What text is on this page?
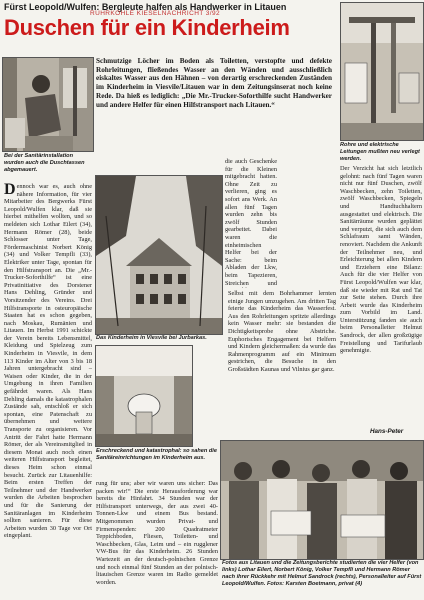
Fürst Leopold/Wulfen: Bergleute halfen als Handwerker in Litauen
RUHRKOHLE KIESELNACHRICHT 3/92
Duschen für ein Kinderheim
Bei der Sanitärinstallation wurden auch die Duschtassen abgemauert.
Schmutzige Löcher im Boden als Toiletten, verstopfte und defekte Rohrleitungen, fließendes Wasser an den Wänden und ausschließlich eiskaltes Wasser aus den Hähnen – von derartig erschreckenden Zuständen im Kinderheim in Viesvile/Litauen war in dem Zeitungsinserat noch keine Rede. Da hieß es lediglich: „Die Mr.-Trucker-Soforthilfe sucht Handwerker und andere Helfer für einen Hilfstransport nach Litauen.“
Rohre und elektrische Leitungen mußten neu verlegt werden.
Dennoch war es, auch ohne nähere Information, für vier Mitarbeiter des Bergwerks Fürst Leopold/Wulfen klar, daß sie hierbei mithelfen wollten, und so meldeten sich Lothar Eilert (34), Hermann Römer (28), beide Schlosser unter Tage, Fördermaschinist Norbert König (34) und Volker Tempfli (33), Elektriker unter Tage, spontan für den Hilfstransport an. Die „Mr.-Trucker-Soforthilfe“ ist eine Privatinitiative des Dorstener Hans Dehling, Gründer und Vorsitzender des Vereins. Drei Hilfstransporte in osteuropäische Staaten hat es schon gegeben, nach Moskau, Rumänien und Litauen. Im Herbst 1991 schickte der Verein bereits Lebensmittel, Kleidung und Spielzeug zum Kinderheim in Viesvile, in dem 113 Kinder im Alter von 3 bis 18 Jahren untergebracht sind – Waisen oder Kinder, die in der Umgebung in ihren Familien gefährdet waren. Als Hans Dehling damals die katastrophalen Zustände sah, entschloß er sich spontan, eine Patenschaft zu übernehmen und weitere Transporte zu organisieren. Vor Antritt der Fahrt hatte Hermann Römer, der als Vereinsmitglied in diesem Monat auch noch einen weiteren Hilfstransport begleitet, dieses Heim schon einmal besucht. Zurück zur Litauenhilfe: Beim ersten Treffen der Teilnehmer und der Handwerker wurden die Arbeiten besprochen und für die Sanierung der Sanitäranlagen im Kinderheim sollten sanieren. Für diese Arbeiten wurden 30 Tage vor Ort eingeplant.
Das Kinderheim in Viesvile bei Jurbarkas.
die auch Geschenke für die Kleinen mitgebracht hatten. Ohne Zeit zu verlieren, ging es sofort ans Werk. An allen fünf Tagen wurden zehn bis zwölf Stunden gearbeitet. Dabei waren die einheimischen Helfer bei der Sache: beim Abladen der Lkw, beim Tapezieren, Streichen und
Selbst mit dem Bohrhammer lernten einige Jungen umzugehen. Am dritten Tag feierte das Kinderheim das Wasserfest. Aus den Rohrleitungen spritzte allerdings kein Wasser mehr: sie bestanden die Dichtigkeitsprobe ohne Abstriche. Euphorisches Engagement bei Helfern und Kindern gleichermaßen: da wurde das Rahmenprogramm auf ein Minimum gestrichen, die Besuche in den Großstädten Kaunas und Vilnius gar ganz.
Erschreckend und katastrophal: so sahen die Sanitäreinrichtungen im Kinderheim aus.
rung für uns; aber wir waren uns sicher: Das packen wir!“ Die erste Herausforderung war bereits die Hinfahrt. 34 Stunden war der Hilfstransport unterwegs, der aus zwei 40-Tonnen-Lkw und einem Bus bestand. Mitgenommen wurden Privat- und Firmenspenden: 200 Quadratmeter Teppichboden, Fliesen, Toiletten- und Waschbecken, Glas, Leim und – ein rugglener VW-Bus für das Kinderheim. 26 Stunden Wartezeit an der deutsch-polnischen Grenze und noch einmal fünf Stunden an der polnisch-litauischen Grenze waren im Radio gemeldet worden.
Der Verzicht hat sich letztlich gelohnt: nach fünf Tagen waren nicht nur fünf Duschen, zwölf Waschbecken, zehn Toiletten, zwölf Waschbecken, Spiegeln und Handtuchhaltern ausgestattet und elektrisch. Die Sanitärräume wurden geplättet und verputzt, die sich auch dem Schlafraum samt Wänden, renoviert. Nachdem die Ankunft der Teilnehmer neu, und Erleichterung bei allen Kindern und Erziehern eine Bilanz: Auch für die vier Helfer von Fürst Leopold/Wulfen war klar, daß sie wieder mit Rat und Tat zur Seite stehen. Durch ihre Arbeit wurde das Kinderheim zum Vorbild im Land. Unterstützung fanden sie auch beim Personalleiter Helmut Sandrock, der allen großzügige Freistellung und Tarifurlaub genehmigte.
Hans-Peter
Fotos aus Litauen und die Zeitungsberichte studierten die vier Helfer (von links) Lothar Eilert, Norbert König, Volker Tempfli und Hermann Römer nach ihrer Rückkehr mit Helmut Sandrock (rechts), Personalleiter auf Fürst Leopold/Wulfen. Fotos: Karsten Boetmann, privat (4)
